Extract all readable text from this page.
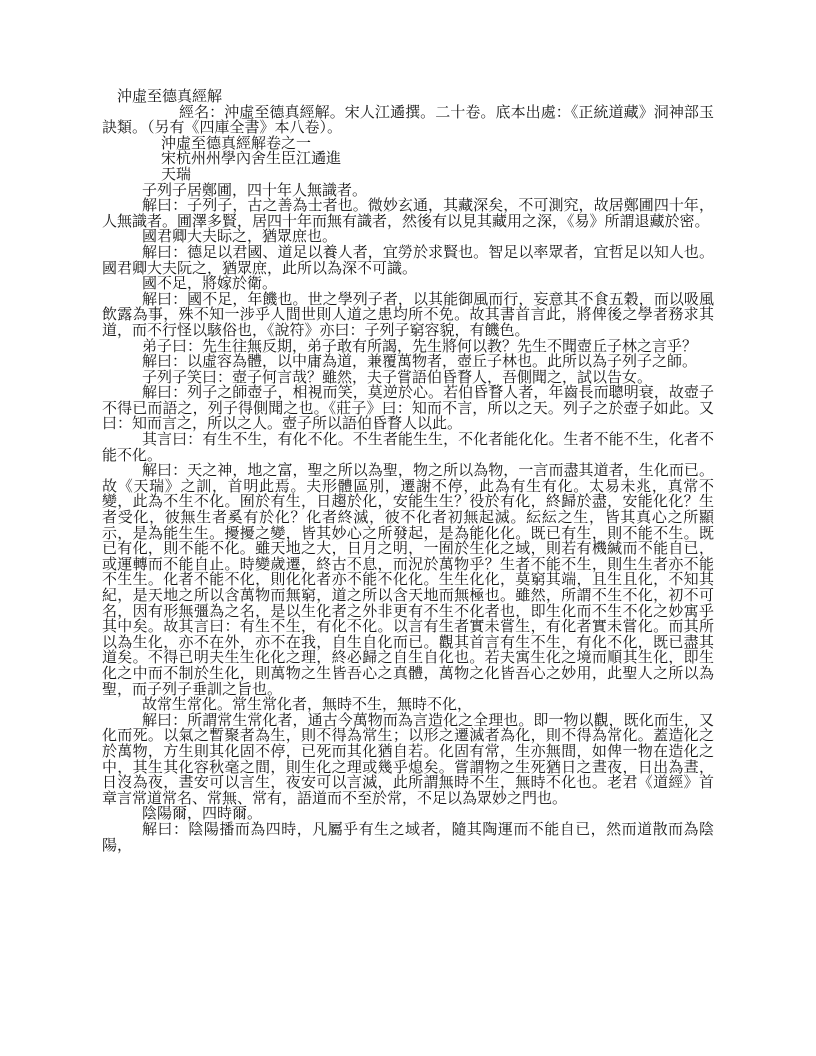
沖虛至德真經解

經名：沖虛至德真經解。宋人江遹撰。二十卷。底本出處：《正統道藏》洞神部玉訣類。（另有《四庫全書》本八卷）。

沖虛至德真經解卷之一

宋杭州州學內舍生臣江遹進

天瑞

子列子居鄭圃，四十年人無識者。

解曰：子列子，古之善為士者也。微妙玄通，其藏深矣，不可測究，故居鄭圃四十年，人無識者。圃澤多賢，居四十年而無有識者，然後有以見其藏用之深，《易》所謂退藏於密。

國君卿大夫眎之，猶眾庶也。

解曰：德足以君國、道足以養人者，宜勞於求賢也。智足以率眾者，宜哲足以知人也。國君卿大夫阮之，猶眾庶，此所以為深不可識。

國不足，將嫁於衛。

解曰：國不足，年饑也。世之學列子者，以其能御風而行，妄意其不食五穀，而以吸風飲露為事，殊不知一涉乎人間世則人道之患均所不免。故其書首言此，將俾後之學者務求其道，而不行怪以駭俗也，《說符》亦曰：子列子窮容貌，有饑色。

弟子曰：先生往無反期，弟子敢有所謁，先生將何以教？先生不聞壺丘子林之言乎？

解曰：以虛容為體，以中庸為道，兼覆萬物者，壺丘子林也。此所以為子列子之師。

子列子笑曰：壺子何言哉？雖然，夫子嘗語伯昏瞀人，吾側聞之，試以告女。

解曰：列子之師壺子，相視而笑，莫逆於心。若伯昏瞀人者，年齒長而聰明衰，故壺子不得已而語之，列子得側聞之也。《莊子》曰：知而不言，所以之天。列子之於壺子如此。又曰：知而言之，所以之人。壺子所以語伯昏瞀人以此。

其言曰：有生不生，有化不化。不生者能生生，不化者能化化。生者不能不生，化者不能不化。

解曰：天之神，地之富，聖之所以為聖，物之所以為物，一言而盡其道者，生化而已。故《天瑞》之訓，首明此焉。夫形體區別，遷謝不停，此為有生有化。太易未兆，真常不變，此為不生不化。囿於有生，日趨於化，安能生生？役於有化，終歸於盡，安能化化？生者受化，彼無生者奚有於化？化者終滅，彼不化者初無起滅。紜紜之生，皆其真心之所顯示，是為能生生。擾擾之變，皆其妙心之所發起，是為能化化。既已有生，則不能不生。既已有化，則不能不化。雖天地之大，日月之明，一囿於生化之域，則若有機緘而不能自已，或運轉而不能自止。時變歲遷，終古不息，而況於萬物乎？生者不能不生，則生生者亦不能不生生。化者不能不化，則化化者亦不能不化化。生生化化，莫窮其端，且生且化，不知其紀，是天地之所以含萬物而無窮，道之所以含天地而無極也。雖然，所謂不生不化，初不可名，因有形無彊為之名，是以生化者之外非更有不生不化者也，即生化而不生不化之妙寓乎其中矣。故其言曰：有生不生，有化不化。以言有生者實未嘗生，有化者實未嘗化。而其所以為生化，亦不在外，亦不在我，自生自化而已。觀其首言有生不生，有化不化，既已盡其道矣。不得已明夫生生化化之理，終必歸之自生自化也。若夫寓生化之境而順其生化，即生化之中而不制於生化，則萬物之生皆吾心之真體，萬物之化皆吾心之妙用，此聖人之所以為聖，而子列子垂訓之旨也。

故常生常化。常生常化者，無時不生，無時不化，

解曰：所謂常生常化者，通古今萬物而為言造化之全理也。即一物以觀，既化而生，又化而死。以氣之暫聚者為生，則不得為常生；以形之遷滅者為化，則不得為常化。蓋造化之於萬物，方生則其化固不停，已死而其化猶自若。化固有常，生亦無間，如俾一物在造化之中，其生其化容秋毫之間，則生化之理或幾乎熄矣。嘗謂物之生死猶日之晝夜，日出為晝，日沒為夜，晝安可以言生，夜安可以言滅，此所謂無時不生，無時不化也。老君《道經》首章言常道常名、常無、常有，語道而不至於常，不足以為眾妙之門也。

陰陽爾，四時爾。

解曰：陰陽播而為四時，凡屬乎有生之域者，隨其陶運而不能自已，然而道散而為陰陽，
